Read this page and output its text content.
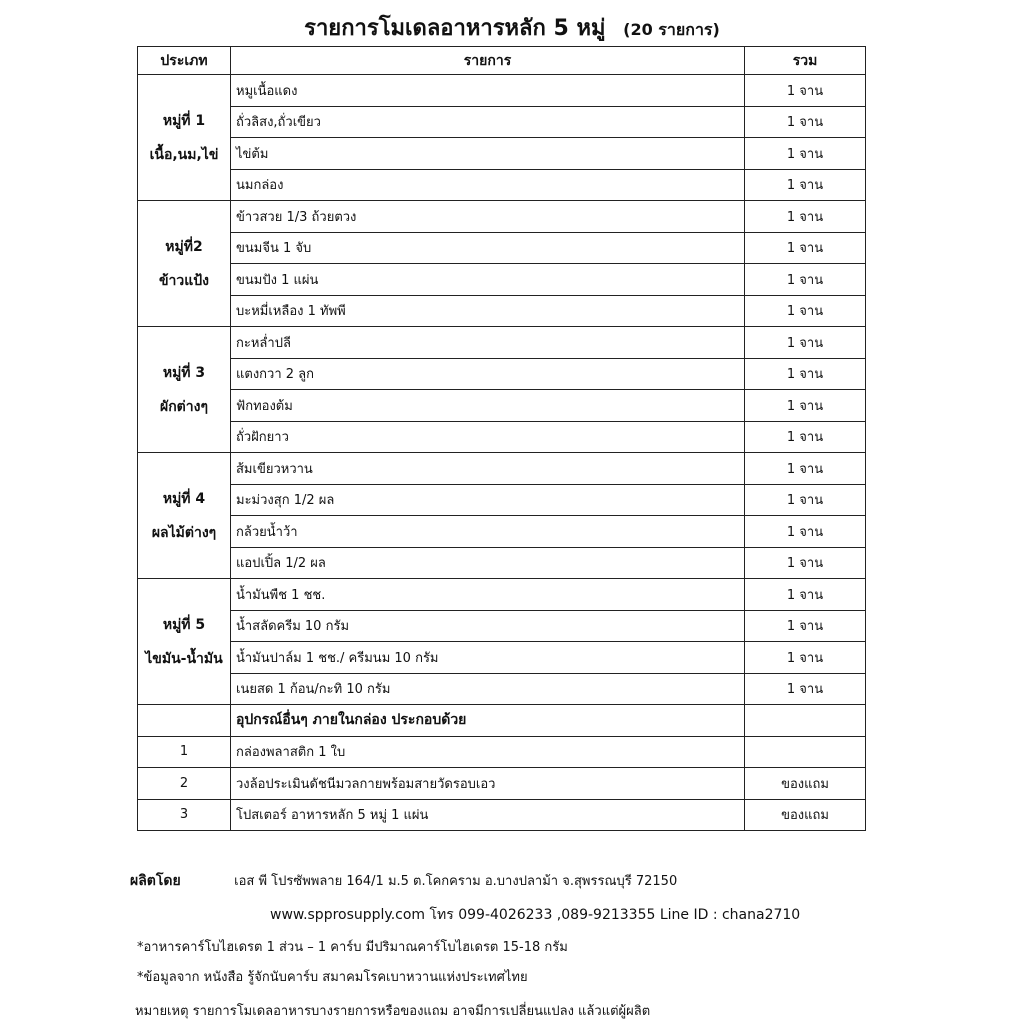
รายการโมเดลอาหารหลัก 5 หมู่ (20 รายการ)
ประเภท	รายการ	รวม

หมู่ที่ 1
เนื้อ,นม,ไข่	หมูเนื้อแดง	1 จาน
	ถั่วลิสง,ถั่วเขียว	1 จาน
	ไข่ต้ม	1 จาน
	นมกล่อง	1 จาน

หมู่ที่2
ข้าวแป้ง	ข้าวสวย 1/3 ถ้วยตวง	1 จาน
	ขนมจีน 1 จับ	1 จาน
	ขนมปัง 1 แผ่น	1 จาน
	บะหมี่เหลือง 1 ทัพพี	1 จาน

หมู่ที่ 3
ผักต่างๆ	กะหล่ำปลี	1 จาน
	แตงกวา 2 ลูก	1 จาน
	ฟักทองต้ม	1 จาน
	ถั่วฝักยาว	1 จาน

หมู่ที่ 4
ผลไม้ต่างๆ	ส้มเขียวหวาน	1 จาน
	มะม่วงสุก 1/2 ผล	1 จาน
	กล้วยน้ำว้า	1 จาน
	แอปเปิ้ล 1/2 ผล	1 จาน

หมู่ที่ 5
ไขมัน-น้ำมัน	น้ำมันพืช 1 ชช.	1 จาน
	น้ำสลัดครีม 10 กรัม	1 จาน
	น้ำมันปาล์ม 1 ชช./ ครีมนม 10 กรัม	1 จาน
	เนยสด 1 ก้อน/กะทิ 10 กรัม	1 จาน
	อุปกรณ์อื่นๆ ภายในกล่อง ประกอบด้วย	
1	กล่องพลาสติก 1 ใบ	
2	วงล้อประเมินดัชนีมวลกายพร้อมสายวัดรอบเอว	ของแถม
3	โปสเตอร์ อาหารหลัก 5 หมู่ 1 แผ่น	ของแถม
ผลิตโดย	เอส พี โปรซัพพลาย 164/1 ม.5 ต.โคกคราม อ.บางปลาม้า จ.สุพรรณบุรี 72150
www.spprosupply.com โทร 099-4026233 ,089-9213355 Line ID : chana2710
*อาหารคาร์โบไฮเดรต 1 ส่วน – 1 คาร์บ มีปริมาณคาร์โบไฮเดรต 15-18 กรัม
*ข้อมูลจาก หนังสือ รู้จักนับคาร์บ สมาคมโรคเบาหวานแห่งประเทศไทย
หมายเหตุ รายการโมเดลอาหารบางรายการหรือของแถม อาจมีการเปลี่ยนแปลง แล้วแต่ผู้ผลิต
